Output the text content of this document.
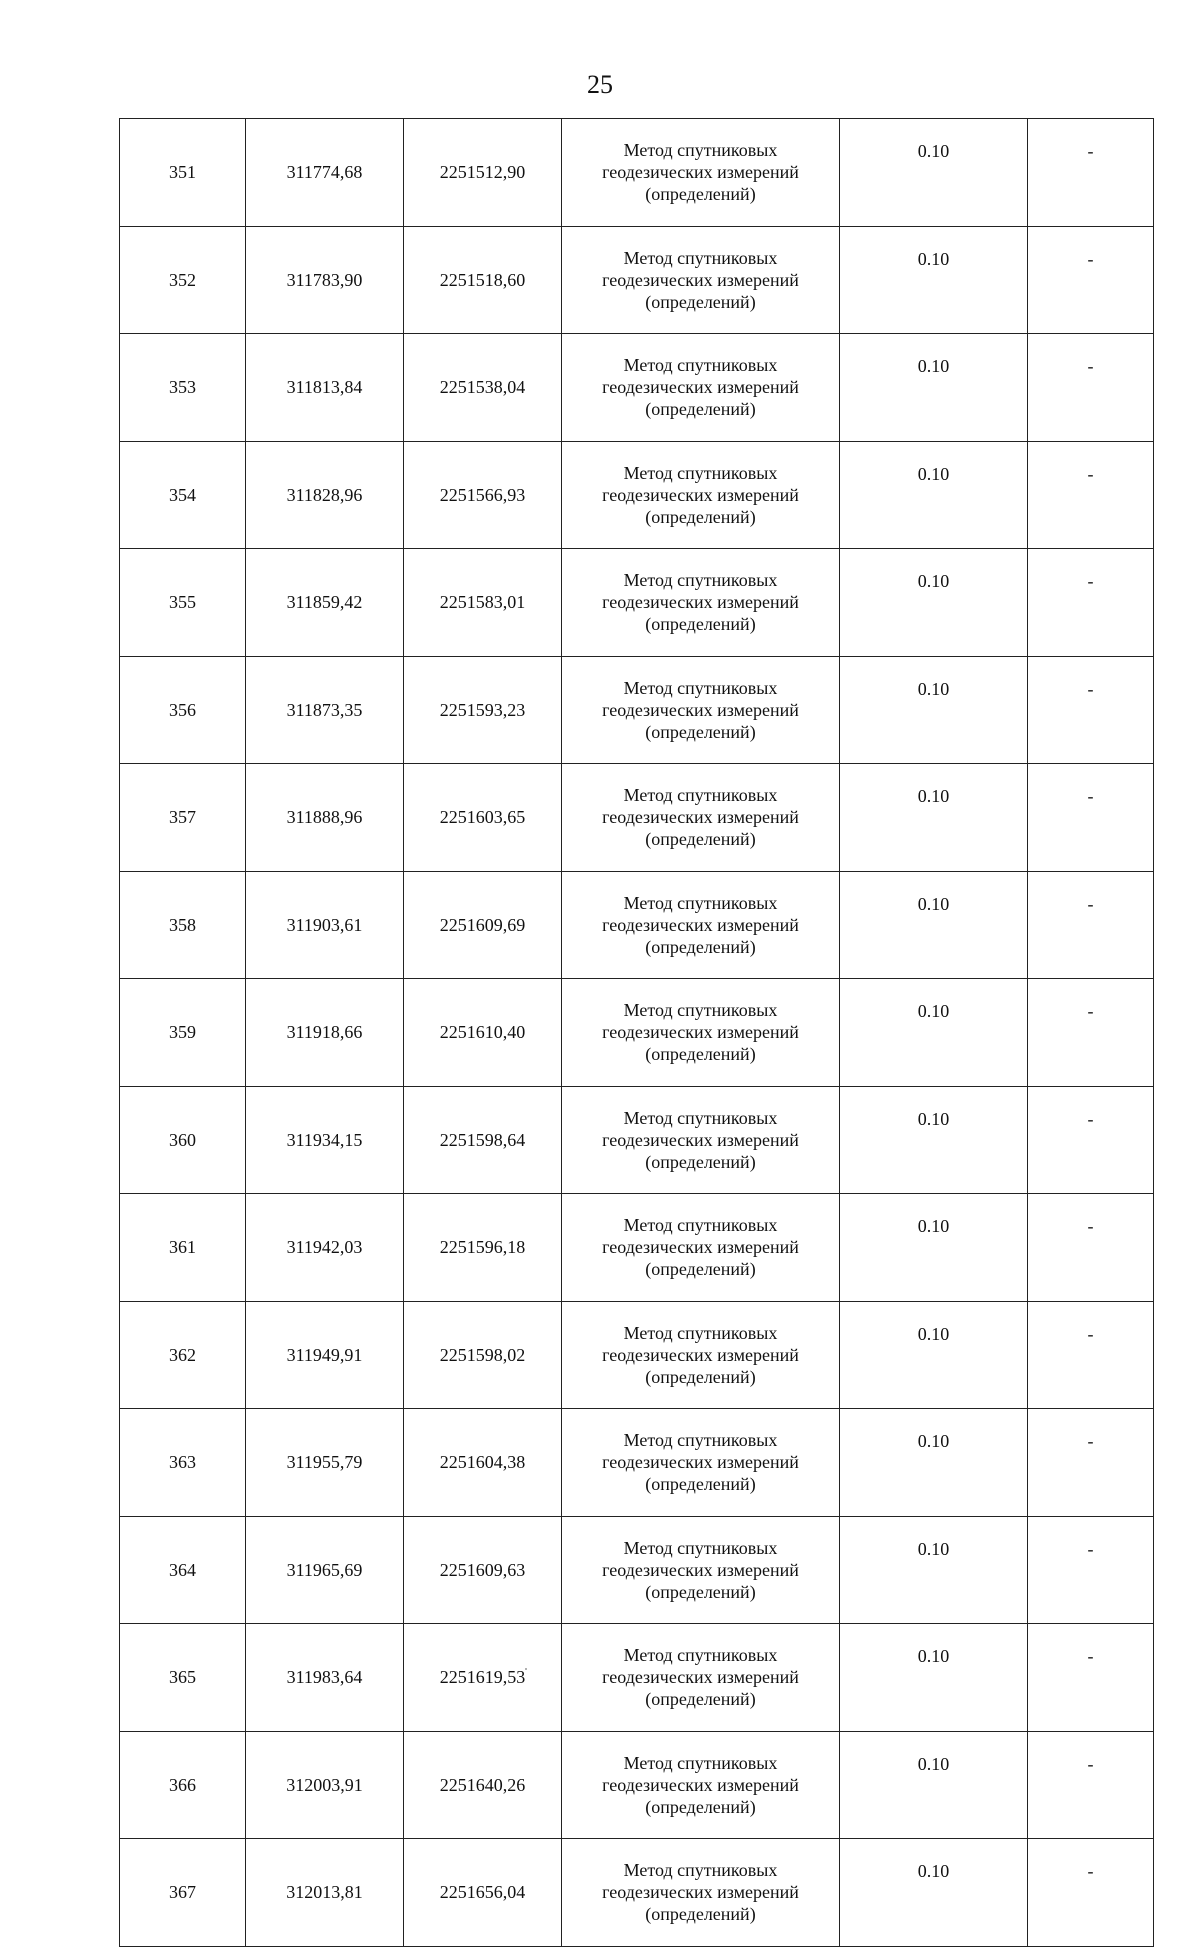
25
351	311774,68	2251512,90	Метод спутниковых геодезических измерений (определений)	0.10	-
352	311783,90	2251518,60	Метод спутниковых геодезических измерений (определений)	0.10	-
353	311813,84	2251538,04	Метод спутниковых геодезических измерений (определений)	0.10	-
354	311828,96	2251566,93	Метод спутниковых геодезических измерений (определений)	0.10	-
355	311859,42	2251583,01	Метод спутниковых геодезических измерений (определений)	0.10	-
356	311873,35	2251593,23	Метод спутниковых геодезических измерений (определений)	0.10	-
357	311888,96	2251603,65	Метод спутниковых геодезических измерений (определений)	0.10	-
358	311903,61	2251609,69	Метод спутниковых геодезических измерений (определений)	0.10	-
359	311918,66	2251610,40	Метод спутниковых геодезических измерений (определений)	0.10	-
360	311934,15	2251598,64	Метод спутниковых геодезических измерений (определений)	0.10	-
361	311942,03	2251596,18	Метод спутниковых геодезических измерений (определений)	0.10	-
362	311949,91	2251598,02	Метод спутниковых геодезических измерений (определений)	0.10	-
363	311955,79	2251604,38	Метод спутниковых геодезических измерений (определений)	0.10	-
364	311965,69	2251609,63	Метод спутниковых геодезических измерений (определений)	0.10	-
365	311983,64	2251619,53	Метод спутниковых геодезических измерений (определений)	0.10	-
366	312003,91	2251640,26	Метод спутниковых геодезических измерений (определений)	0.10	-
367	312013,81	2251656,04	Метод спутниковых геодезических измерений (определений)	0.10	-
